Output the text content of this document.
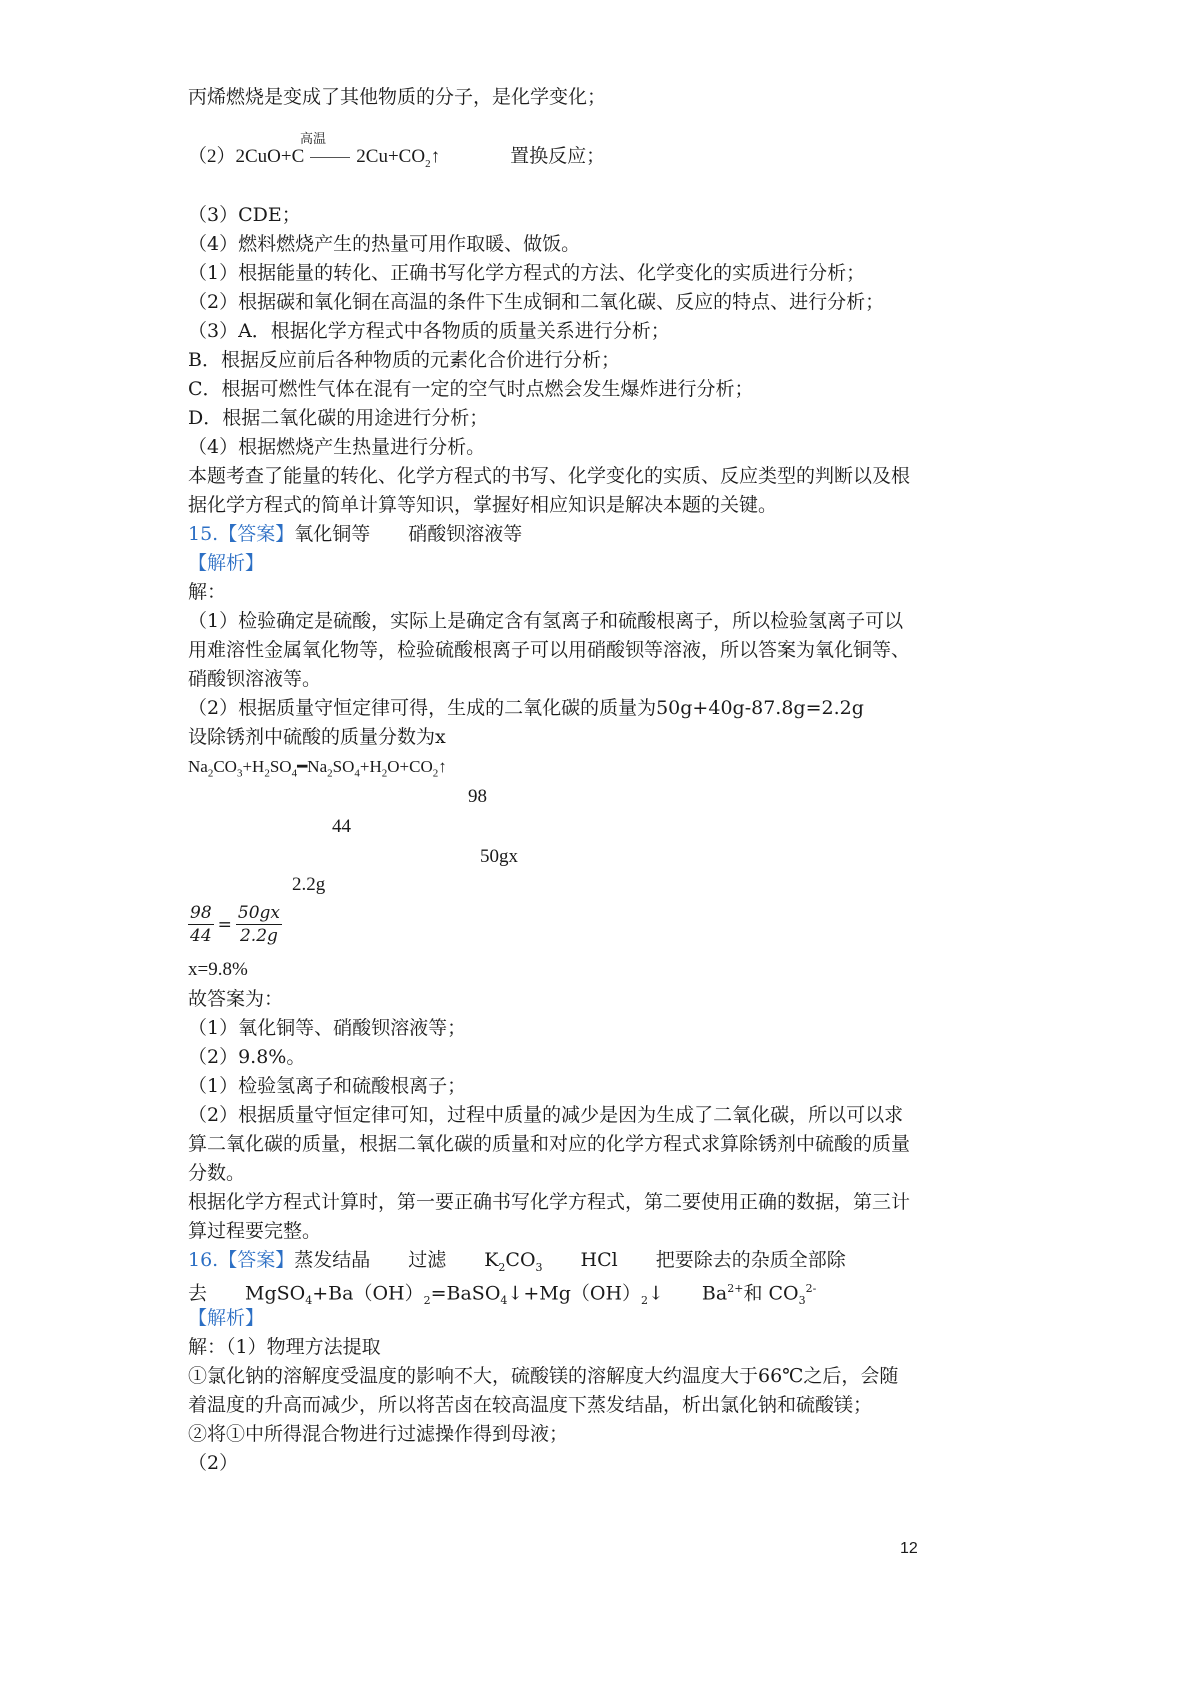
丙烯燃烧是变成了其他物质的分子，是化学变化；
高温
（2）2CuO+C	$2Cu+CO_2↑$	置换反应；
（3）CDE；
（4）燃料燃烧产生的热量可用作取暖、做饭。
（1）根据能量的转化、正确书写化学方程式的方法、化学变化的实质进行分析；
（2）根据碳和氧化铜在高温的条件下生成铜和二氧化碳、反应的特点、进行分析；
（3）A．根据化学方程式中各物质的质量关系进行分析；
B．根据反应前后各种物质的元素化合价进行分析；
C．根据可燃性气体在混有一定的空气时点燃会发生爆炸进行分析；
D．根据二氧化碳的用途进行分析；
（4）根据燃烧产生热量进行分析。
本题考查了能量的转化、化学方程式的书写、化学变化的实质、反应类型的判断以及根
据化学方程式的简单计算等知识，掌握好相应知识是解决本题的关键。
15.【答案】氧化铜等　　硝酸钡溶液等
【解析】
解：
（1）检验确定是硫酸，实际上是确定含有氢离子和硫酸根离子，所以检验氢离子可以
用难溶性金属氧化物等，检验硫酸根离子可以用硝酸钡等溶液，所以答案为氧化铜等、
硝酸钡溶液等。
（2）根据质量守恒定律可得，生成的二氧化碳的质量为50g+40g-87.8g=2.2g
设除锈剂中硫酸的质量分数为x
$Na_2CO_3+H_2SO_4━Na_2SO_4+H_2O+CO_2↑$
98
44
50gx
2.2g
$\frac{98}{44} = \frac{50gx}{2.2g}$
x=9.8%
故答案为：
（1）氧化铜等、硝酸钡溶液等；
（2）9.8%。
（1）检验氢离子和硫酸根离子；
（2）根据质量守恒定律可知，过程中质量的减少是因为生成了二氧化碳，所以可以求
算二氧化碳的质量，根据二氧化碳的质量和对应的化学方程式求算除锈剂中硫酸的质量
分数。
根据化学方程式计算时，第一要正确书写化学方程式，第二要使用正确的数据，第三计
算过程要完整。
16.【答案】蒸发结晶　　过滤　　$K_2CO_3$　　HCl　　把要除去的杂质全部除
去　　$MgSO_4+Ba(OH)_2=BaSO_4↓+Mg(OH)_2↓$　　$Ba^{2+}$和 $CO_3^{2-}$
【解析】
解：（1）物理方法提取
①氯化钠的溶解度受温度的影响不大，硫酸镁的溶解度大约温度大于66℃之后，会随
着温度的升高而减少，所以将苦卤在较高温度下蒸发结晶，析出氯化钠和硫酸镁；
②将①中所得混合物进行过滤操作得到母液；
（2）
12
